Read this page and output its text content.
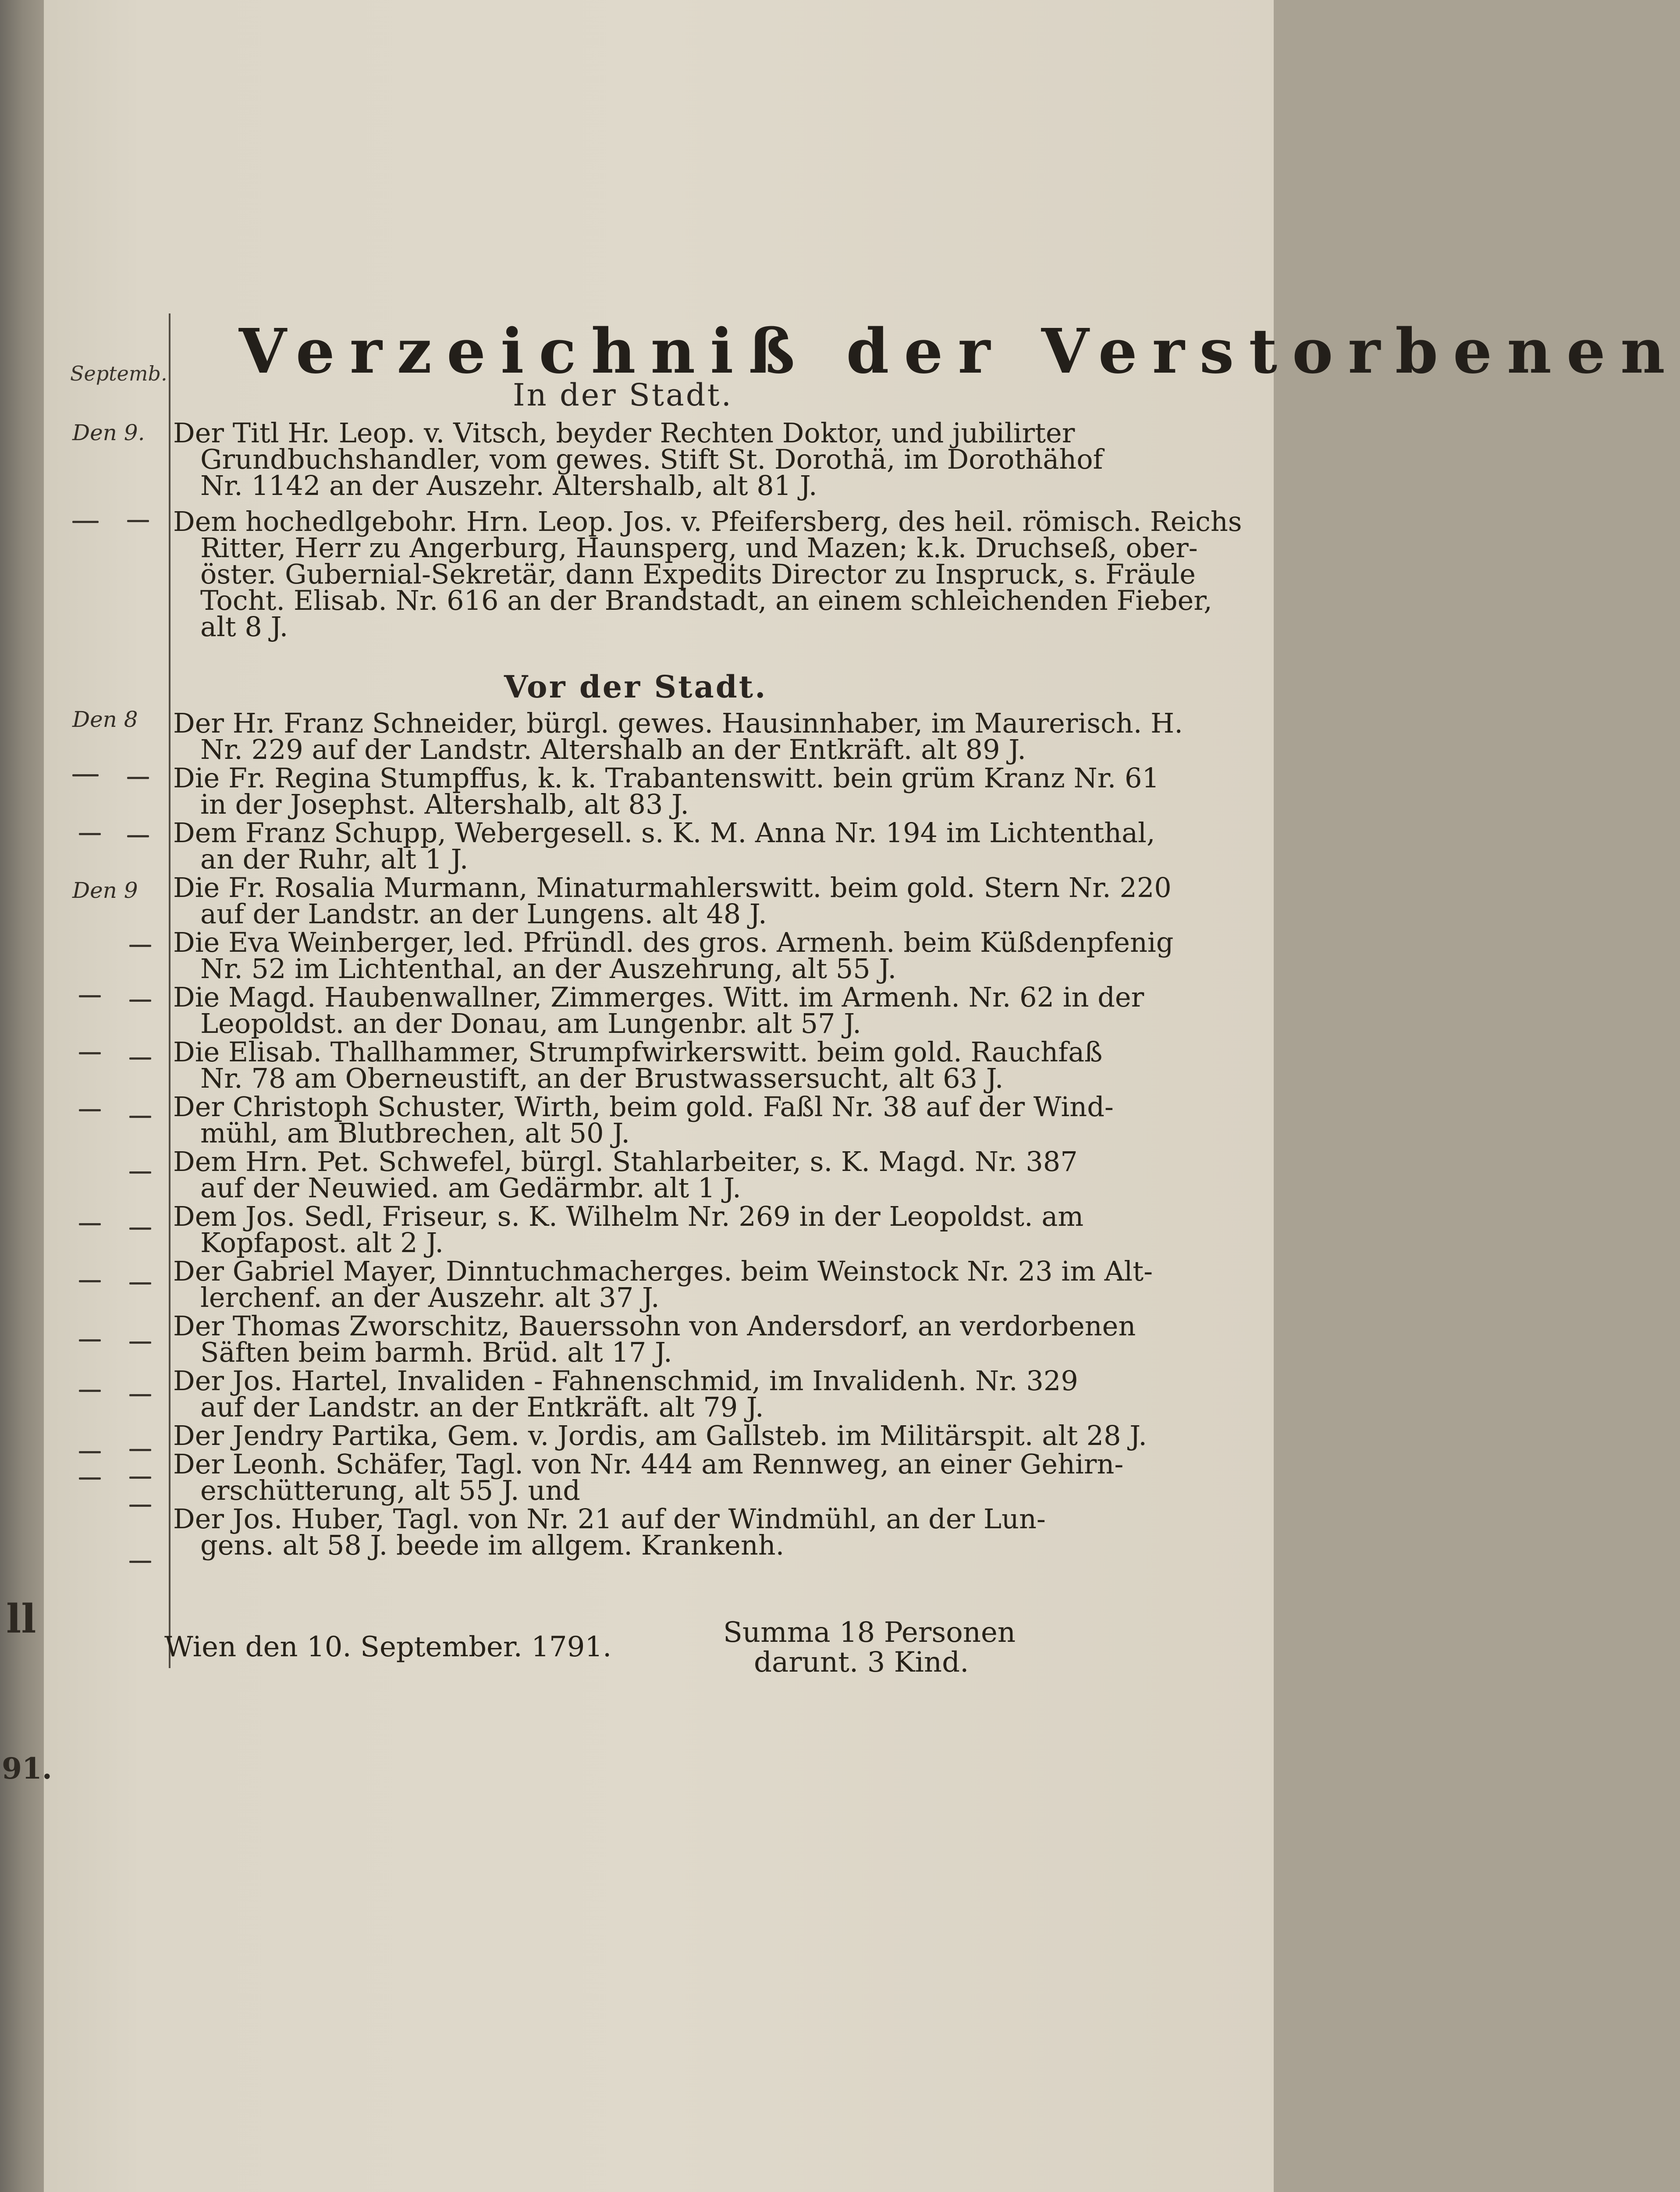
ll
91.
Septemb. Verzeichniß der Verstorbenen
In der Stadt.
Den 9.
Den 8
Den 9
Der Titl Hr. Leop. v. Vitsch, beyder Rechten Doktor, und jubilirter
Grundbuchshandler, vom gewes. Stift St. Dorothä, im Dorothähof
Nr. 1142 an der Auszehr. Altershalb, alt 81 J.
Dem hochedlgebohr. Hrn. Leop. Jos. v. Pfeifersberg, des heil. römisch. Reichs
Ritter, Herr zu Angerburg, Haunsperg, und Mazen; k.k. Druchseß, ober-
öster. Gubernial-Sekretär, dann Expedits Director zu Inspruck, s. Fräule
Tocht. Elisab. Nr. 616 an der Brandstadt, an einem schleichenden Fieber,
alt 8 J.
Vor der Stadt.
Der Hr. Franz Schneider, bürgl. gewes. Hausinnhaber, im Maurerisch. H.
Nr. 229 auf der Landstr. Altershalb an der Entkräft. alt 89 J.
Die Fr. Regina Stumpffus, k. k. Trabantenswitt. bein grüm Kranz Nr. 61
in der Josephst. Altershalb, alt 83 J.
Dem Franz Schupp, Webergesell. s. K. M. Anna Nr. 194 im Lichtenthal,
an der Ruhr, alt 1 J.
Die Fr. Rosalia Murmann, Minaturmahlerswitt. beim gold. Stern Nr. 220
auf der Landstr. an der Lungens. alt 48 J.
Die Eva Weinberger, led. Pfründl. des gros. Armenh. beim Küßdenpfenig
Nr. 52 im Lichtenthal, an der Auszehrung, alt 55 J.
Die Magd. Haubenwallner, Zimmerges. Witt. im Armenh. Nr. 62 in der
Leopoldst. an der Donau, am Lungenbr. alt 57 J.
Die Elisab. Thallhammer, Strumpfwirkerswitt. beim gold. Rauchfaß
Nr. 78 am Oberneustift, an der Brustwassersucht, alt 63 J.
Der Christoph Schuster, Wirth, beim gold. Faßl Nr. 38 auf der Wind-
mühl, am Blutbrechen, alt 50 J.
Dem Hrn. Pet. Schwefel, bürgl. Stahlarbeiter, s. K. Magd. Nr. 387
auf der Neuwied. am Gedärmbr. alt 1 J.
Dem Jos. Sedl, Friseur, s. K. Wilhelm Nr. 269 in der Leopoldst. am
Kopfapost. alt 2 J.
Der Gabriel Mayer, Dinntuchmacherges. beim Weinstock Nr. 23 im Alt-
lerchenf. an der Auszehr. alt 37 J.
Der Thomas Zworschitz, Bauerssohn von Andersdorf, an verdorbenen
Säften beim barmh. Brüd. alt 17 J.
Der Jos. Hartel, Invaliden - Fahnenschmid, im Invalidenh. Nr. 329
auf der Landstr. an der Entkräft. alt 79 J.
Der Jendry Partika, Gem. v. Jordis, am Gallsteb. im Militärspit. alt 28 J.
Der Leonh. Schäfer, Tagl. von Nr. 444 am Rennweg, an einer Gehirn-
erschütterung, alt 55 J. und
Der Jos. Huber, Tagl. von Nr. 21 auf der Windmühl, an der Lun-
gens. alt 58 J. beede im allgem. Krankenh.
Wien den 10. September. 1791.	Summa 18 Personen
darunt. 3 Kind.
